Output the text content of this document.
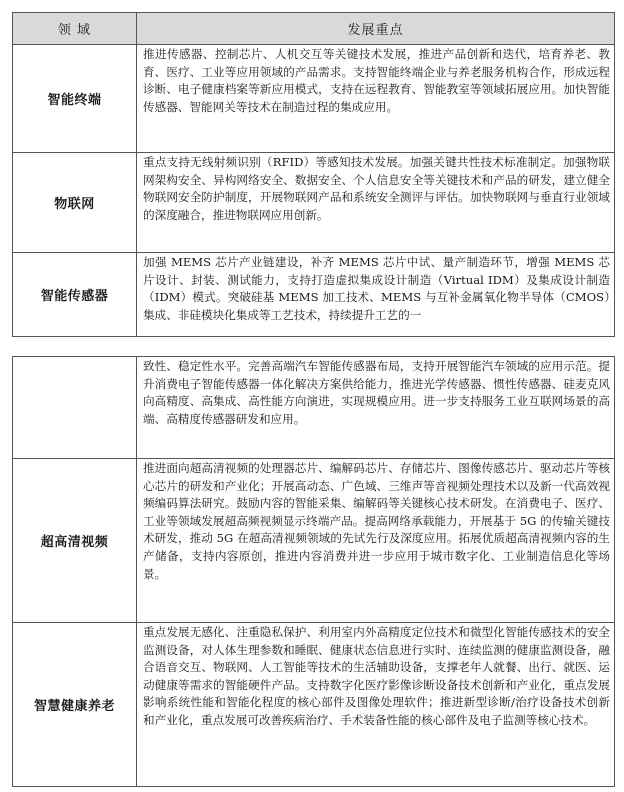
领 域	发展重点
智能终端	推进传感器、控制芯片、人机交互等关键技术发展，推进产品创新和迭代，培育养老、教育、医疗、工业等应用领域的产品需求。支持智能终端企业与养老服务机构合作，形成远程诊断、电子健康档案等新应用模式，支持在远程教育、智能教室等领域拓展应用。加快智能传感器、智能网关等技术在制造过程的集成应用。
物联网	重点支持无线射频识别（RFID）等感知技术发展。加强关键共性技术标准制定。加强物联网架构安全、异构网络安全、数据安全、个人信息安全等关键技术和产品的研发，建立健全物联网安全防护制度，开展物联网产品和系统安全测评与评估。加快物联网与垂直行业领域的深度融合，推进物联网应用创新。
智能传感器	加强 MEMS 芯片产业链建设，补齐 MEMS 芯片中试、量产制造环节，增强 MEMS 芯片设计、封装、测试能力，支持打造虚拟集成设计制造（Virtual IDM）及集成设计制造（IDM）模式。突破硅基 MEMS 加工技术、MEMS 与互补金属氧化物半导体（CMOS）集成、非硅模块化集成等工艺技术，持续提升工艺的一
	致性、稳定性水平。完善高端汽车智能传感器布局，支持开展智能汽车领域的应用示范。提升消费电子智能传感器一体化解决方案供给能力，推进光学传感器、惯性传感器、硅麦克风向高精度、高集成、高性能方向演进，实现规模应用。进一步支持服务工业互联网场景的高端、高精度传感器研发和应用。
超高清视频	推进面向超高清视频的处理器芯片、编解码芯片、存储芯片、图像传感芯片、驱动芯片等核心芯片的研发和产业化；开展高动态、广色域、三维声等音视频处理技术以及新一代高效视频编码算法研究。鼓励内容的智能采集、编解码等关键核心技术研发。在消费电子、医疗、工业等领域发展超高频视频显示终端产品。提高网络承载能力，开展基于 5G 的传输关键技术研发，推动 5G 在超高清视频领域的先试先行及深度应用。拓展优质超高清视频内容的生产储备，支持内容原创，推进内容消费并进一步应用于城市数字化、工业制造信息化等场景。
智慧健康养老	重点发展无感化、注重隐私保护、利用室内外高精度定位技术和微型化智能传感技术的安全监测设备，对人体生理参数和睡眠、健康状态信息进行实时、连续监测的健康监测设备，融合语音交互、物联网、人工智能等技术的生活辅助设备，支撑老年人就餐、出行、就医、运动健康等需求的智能硬件产品。支持数字化医疗影像诊断设备技术创新和产业化，重点发展影响系统性能和智能化程度的核心部件及图像处理软件；推进新型诊断/治疗设备技术创新和产业化，重点发展可改善疾病治疗、手术装备性能的核心部件及电子监测等核心技术。
